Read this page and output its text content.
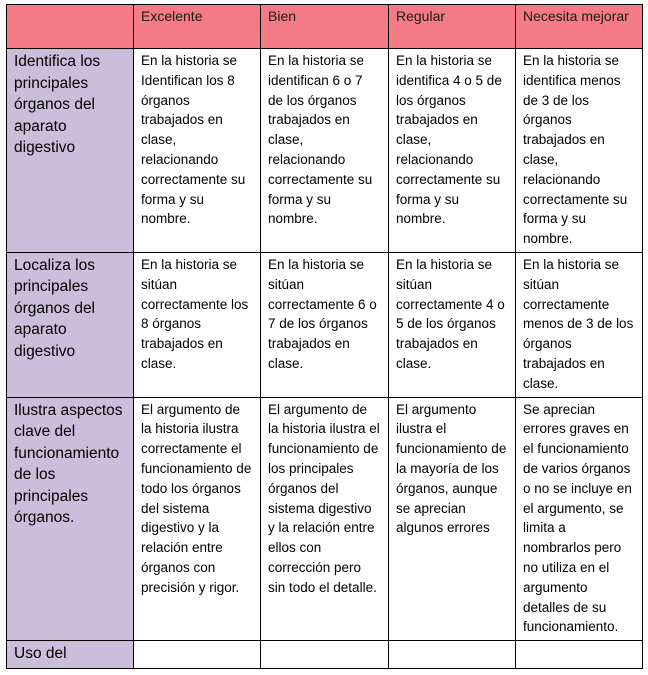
	Excelente	Bien	Regular	Necesita mejorar
Identifica los principales órganos del aparato digestivo	En la historia se Identifican los 8 órganos trabajados en clase, relacionando correctamente su forma y su nombre.	En la historia se identifican 6 o 7 de los órganos trabajados en clase, relacionando correctamente su forma y su nombre.	En la historia se identifica 4 o 5 de los órganos trabajados en clase, relacionando correctamente su forma y su nombre.	En la historia se identifica menos de 3 de los órganos trabajados en clase, relacionando correctamente su forma y su nombre.
Localiza los principales órganos del aparato digestivo	En la historia se sitúan correctamente los 8 órganos trabajados en clase.	En la historia se sitúan correctamente 6 o 7 de los órganos trabajados en clase.	En la historia se sitúan correctamente 4 o 5 de los órganos trabajados en clase.	En la historia se sitúan correctamente menos de 3 de los órganos trabajados en clase.
Ilustra aspectos clave del funcionamiento de los principales órganos.	El argumento de la historia ilustra correctamente el funcionamiento de todo los órganos del sistema digestivo y la relación entre órganos con precisión y rigor.	El argumento de la historia ilustra el funcionamiento de los principales órganos del sistema digestivo y la relación entre ellos con corrección pero sin todo el detalle.	El argumento ilustra el funcionamiento de la mayoría de los órganos, aunque se aprecian algunos errores	Se aprecian errores graves en el funcionamiento de varios órganos o no se incluye en el argumento, se limita a nombrarlos pero no utiliza en el argumento detalles de su funcionamiento.
Uso del				
